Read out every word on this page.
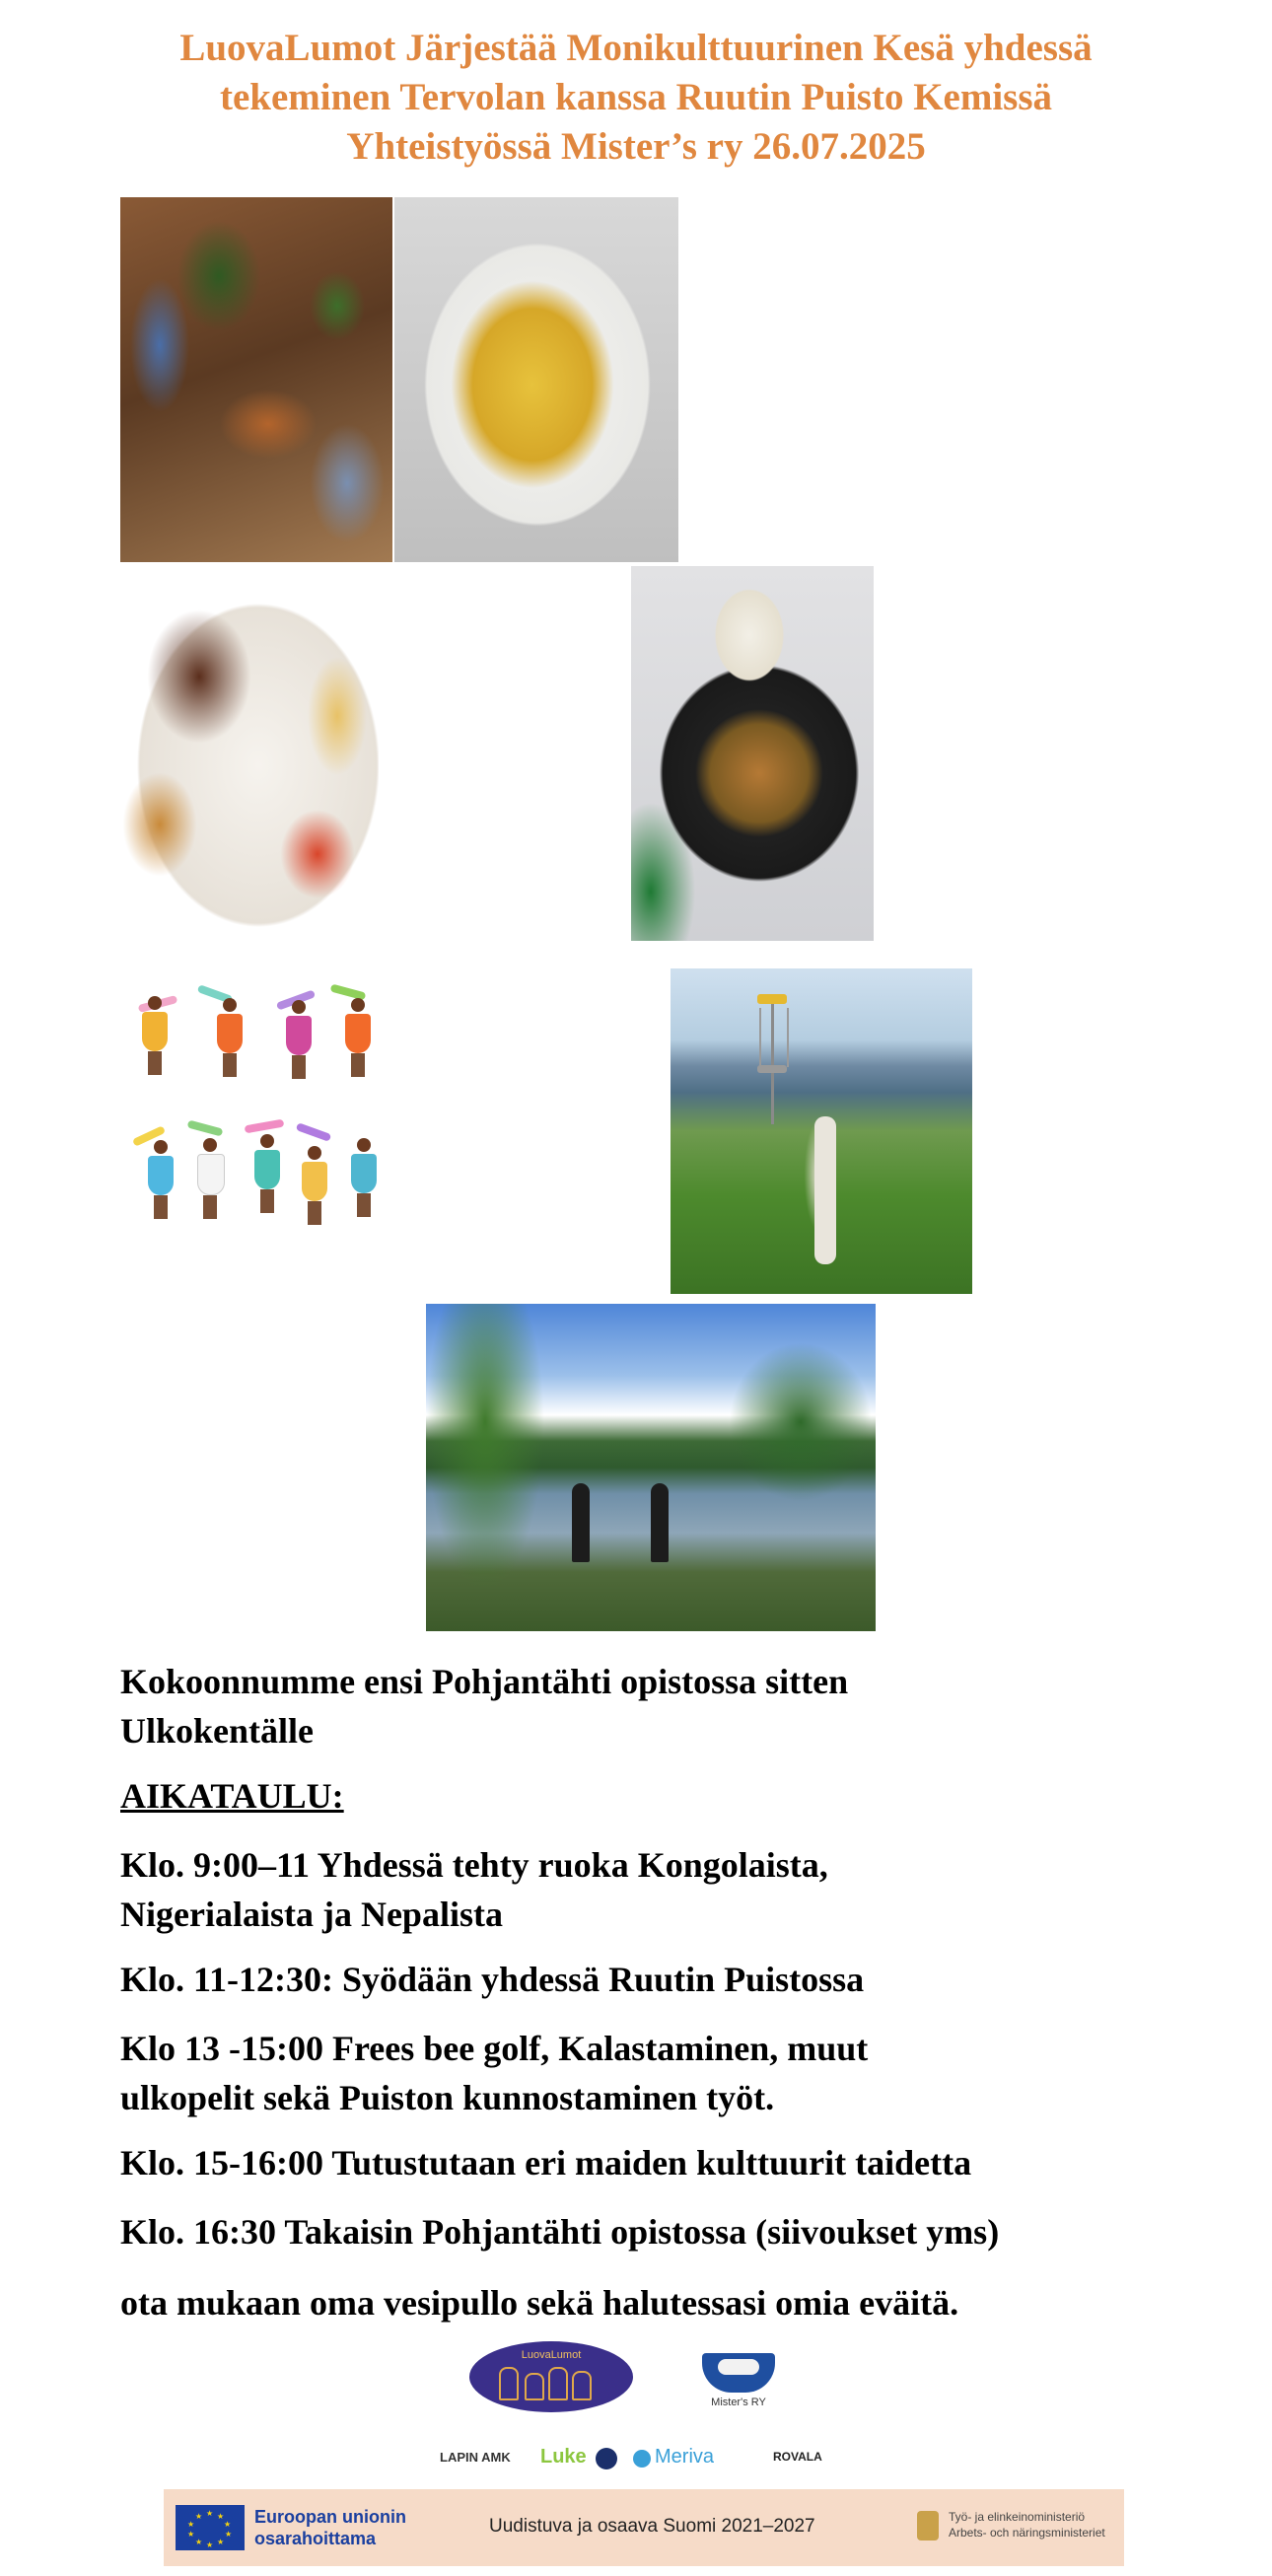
LuovaLumot Järjestää Monikulttuurinen Kesä yhdessä
tekeminen Tervolan kanssa Ruutin Puisto Kemissä
Yhteistyössä Mister’s ry 26.07.2025
Kokoonnumme ensi Pohjantähti opistossa sitten
Ulkokentälle
AIKATAULU:
Klo. 9:00–11 Yhdessä tehty ruoka Kongolaista,
Nigerialaista ja Nepalista
Klo. 11-12:30: Syödään yhdessä Ruutin Puistossa
Klo 13 -15:00 Frees bee golf, Kalastaminen, muut
ulkopelit sekä Puiston kunnostaminen työt.
Klo. 15-16:00 Tutustutaan eri maiden kulttuurit taidetta
Klo. 16:30 Takaisin Pohjantähti opistossa (siivoukset yms)
ota mukaan oma vesipullo sekä halutessasi omia eväitä.
LuovaLumot
Mister's RY
LAPIN AMK Luke	Meriva	ROVALA
★ ★
★
★
★
★
★
★
★
★	Euroopan unionin
osarahoittama
Uudistuva ja osaava Suomi 2021–2027	Työ- ja elinkeinoministeriö
Arbets- och näringsministeriet
